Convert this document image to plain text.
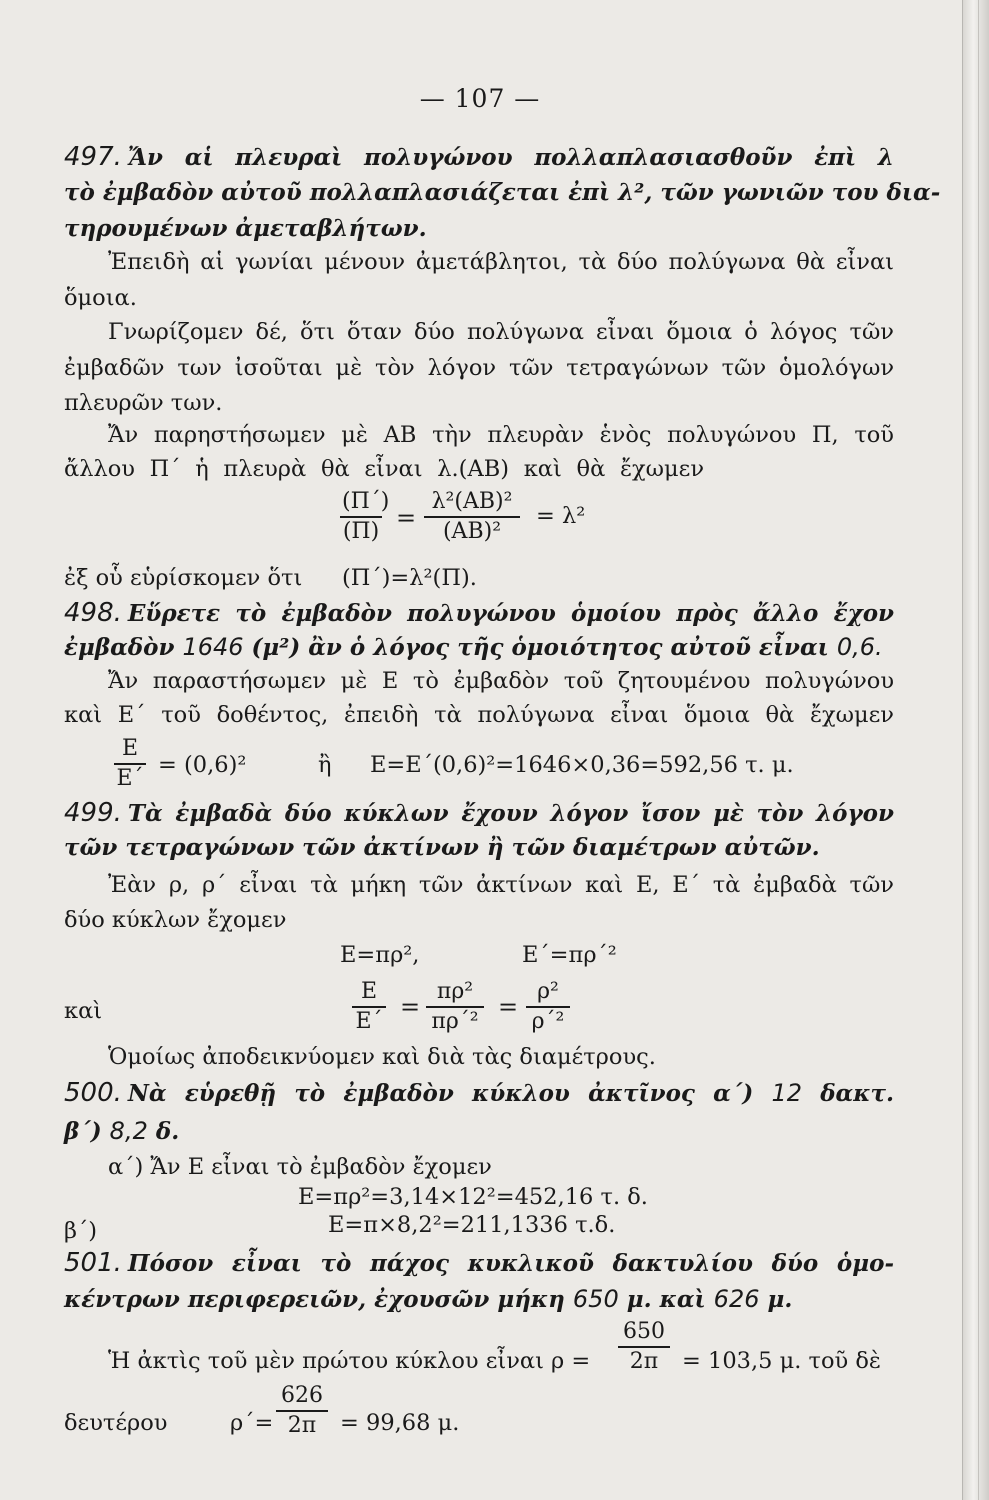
— 107 —
497. Ἄν αἱ πλευραὶ πολυγώνου πολλαπλασιασθοῦν ἐπὶ λ
τὸ ἐμβαδὸν αὐτοῦ πολλαπλασιάζεται ἐπὶ λ², τῶν γωνιῶν του δια-
τηρουμένων ἀμεταβλήτων.
Ἐπειδὴ αἱ γωνίαι μένουν ἀμετάβλητοι, τὰ δύο πολύγωνα θὰ εἶναι
ὅμοια.
Γνωρίζομεν δέ, ὅτι ὅταν δύο πολύγωνα εἶναι ὅμοια ὁ λόγος τῶν
ἐμβαδῶν των ἰσοῦται μὲ τὸν λόγον τῶν τετραγώνων τῶν ὁμολόγων
πλευρῶν των.
Ἄν παρηστήσωμεν μὲ ΑΒ τὴν πλευρὰν ἑνὸς πολυγώνου Π, τοῦ
ἄλλου Π΄ ἡ πλευρὰ θὰ εἶναι λ.(ΑΒ) καὶ θὰ ἔχωμεν
$\frac{(\Pi΄)}{(\Pi)} = \frac{\text{λ²(ΑΒ)²}}{\text{(ΑΒ)²}} = \lambda^2$
ἐξ οὗ εὑρίσκομεν ὅτι (Π΄)=λ²(Π).
498. Εὕρετε τὸ ἐμβαδὸν πολυγώνου ὁμοίου πρὸς ἄλλο ἔχον
ἐμβαδὸν 1646 (μ²) ἂν ὁ λόγος τῆς ὁμοιότητος αὐτοῦ εἶναι 0,6.
Ἄν παραστήσωμεν μὲ Ε τὸ ἐμβαδὸν τοῦ ζητουμένου πολυγώνου
καὶ Ε΄ τοῦ δοθέντος, ἐπειδὴ τὰ πολύγωνα εἶναι ὅμοια θὰ ἔχωμεν
$\frac{E}{E΄} = (0,6)^2$	ἢ Ε=Ε΄(0,6)²=1646×0,36=592,56 τ. μ.
499. Τὰ ἐμβαδὰ δύο κύκλων ἔχουν λόγον ἴσον μὲ τὸν λόγον
τῶν τετραγώνων τῶν ἀκτίνων ἢ τῶν διαμέτρων αὐτῶν.
Ἐὰν ρ, ρ΄ εἶναι τὰ μήκη τῶν ἀκτίνων καὶ Ε, Ε΄ τὰ ἐμβαδὰ τῶν
δύο κύκλων ἔχομεν
Ε=πρ²,	Ε΄=πρ΄²
καὶ	$\frac{E}{E΄} = \frac{\text{πρ²}}{\text{πρ΄²}} = \frac{\text{ρ²}}{\text{ρ΄²}}$
Ὁμοίως ἀποδεικνύομεν καὶ διὰ τὰς διαμέτρους.
500. Νὰ εὑρεθῇ τὸ ἐμβαδὸν κύκλου ἀκτῖνος α΄) 12 δακτ.
β΄) 8,2 δ.
α΄) Ἄν Ε εἶναι τὸ ἐμβαδὸν ἔχομεν
Ε=πρ²=3,14×12²=452,16 τ. δ.
β΄)	Ε=π×8,2²=211,1336 τ.δ.
501. Πόσον εἶναι τὸ πάχος κυκλικοῦ δακτυλίου δύο ὁμο-
κέντρων περιφερειῶν, ἐχουσῶν μήκη 650 μ. καὶ 626 μ.
Ἡ ἀκτὶς τοῦ μὲν πρώτου κύκλου εἶναι $\rho = \frac{650}{2\pi} = 103,5$ μ. τοῦ δὲ
δευτέρου	$\rho΄= \frac{626}{2\pi} = 99,68$ μ.
